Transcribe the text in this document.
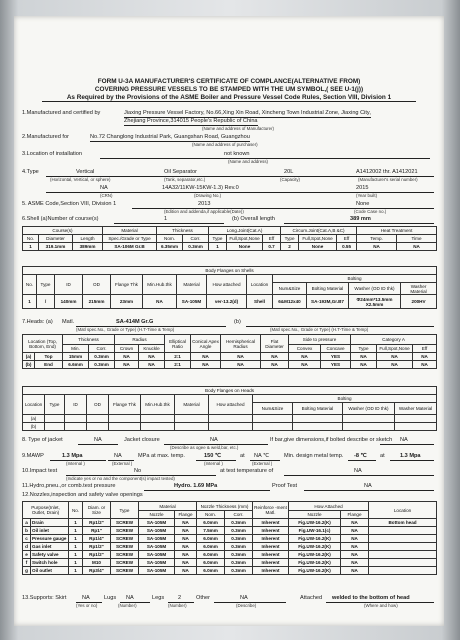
FORM U-3A MANUFACTURER'S CERTIFICATE OF COMPLANCE(ALTERNATIVE FROM)
COVERING PRESSURE VESSELS TO BE STAMPED WITH THE UM SYMBOL,( SEE U-1(j))
As Required by the Provisions of the ASME Boiler and Pressure Vessel Code Rules, Section VIII, Division 1
1.Manufactured and certified by	Jiaxing Pressure Vessel Factory, No.66,Xing Xin Road, Xincheng Town Industrial Zone, Jiaxing City,
Zhejiang Province,314015 People's Republic of China
(Name and address of Manufacturer)
2.Manufactured for	No.72 Changlong Industrial Park, Guangshan Road, Guangzhou
(Name and address of purchaser)
3.Location of installation	not known
(Name and address)
4.Type	Vertical	Oil Separator	20L	A1412002 thr. A1412021
(Horizontal, Vertical, or sphere)	(Tank, separator,etc.)	(Capacity)	(Manufacturer's serial number)
NA	14A32/11KW-15KW-1.3) Rev.0	2015
(CRN)	(Drawing No.)	(Year built)
5. ASME Code,Section VIII, Division 1	2013	None
(Edition and addenda,if applicable(Date))	(Code Case no.)
6.Shell (a)Number of course(s)	1	(b) Overall length	389 mm
Course(s)			Material	Thickness		Long.Joint(Cat.A)			Circum.Joint(Cat.A,B &C)			Heat Treatment	
No.	Diameter	Length	Spec./Grade or Type	Nom.	Corr.	Type	Full,Spot,None	Eff	Type	Full,Spot,None	Eff	Temp.	Time
1	319.1mm	389mm	SA-106M Gr.B	6.35mm	0.3mm	1	None	0.7	2	None	0.55	NA	NA
Body Flanges on Shells												
No.	Type	ID	OD	Flange Thk	Min.Hub.thk	Material	How attached	Location	Bolting			
									Num&Size	Bolting Material	Washer (OD ID thk)	Washer Material
1	/	140mm	215mm	23mm	NA	SA-105M	ver-13.2(d)	Shell	6&M12x40	SA-193M,Gr.B7	Φ24mm*13.5mm X2.5mm	200HV
7.Heads: (a) Matl.	SA-414M Gr.G	(b)
(Matl spec.No., Grade or Type) (H.T-Time & Temp)	(Matl spec.No., Grade or Type) (H.T-Time & Temp)
Location (Top, Bottom, End)		Thickness		Radius		Elliptical Ratio	Conical Apex Angle	Hemispherical Radius	Flat Diameter	Side to pressure		Category A		
		Min.	Corr.	Crown	Knuckle					Convex	Concave	Type	Full,Spot,None	Eff
(a)	Top	15mm	0.3mm	NA	NA	2:1	NA	NA	NA	NA	YES	NA	NA	NA
(b)	End	6.6mm	0.3mm	NA	NA	2:1	NA	NA	NA	NA	YES	NA	NA	NA
Body Flanges on Heads											
Location	Type	ID	OD	Flange Thk	Min.Hub.thk	Material	How attached	Bolting			
								Num&Size	Bolting Material	Washer (OD ID thk)	Washer Material
(a)											
(b)											
8. Type of jacket	NA	Jacket closure	NA	If bar,give dimensions,if bolted describe or sketch NA
(Describe as ogee & weld,bar, etc.)
9.MAWP	1.3 Mpa	NA	MPa at max. temp.	150 ℃	at NA ℃	Min. design metal temp. -8 ℃ at	1.3 Mpa
(Internal )	(External )	(Internal )	(External )
10.Impact test	No	at test temperature of	NA
(Indicate yes or no and the component(s) impact tested)
11.Hydro,pneu.,or comb.test pressure	Hydro. 1.69 MPa	Proof Test	NA
12.Nozzles,inspection and safety valve openings
Purpose(Inlet, Outlet, Drain)		No.	Diam. or Size	Type	Material		Nozzle Thickness (mm)		Reinforce -ment Matl.	How Attached		Location
					Nozzle	Flange	Nom.	Corr.		Nozzle	Flange	
a	Drain	1	Rp1/2"	SCREW	SA-105M	NA	6.0mm	0.3mm	Inherent	Fig.UW-16.2(K)	NA	Bottom head
b	Oil inlet	1	Rp1"	SCREW	SA-105M	NA	7.5mm	0.3mm	Inherent	Fig.UW-16.1(c)	NA	
c	Pressure gauge	1	Rp1/4"	SCREW	SA-105M	NA	6.0mm	0.3mm	Inherent	Fig.UW-16.2(K)	NA	
d	Gas inlet	1	Rp1/2"	SCREW	SA-105M	NA	6.0mm	0.3mm	Inherent	Fig.UW-16.2(K)	NA	
e	Safety valve	1	Rp1/2"	SCREW	SA-105M	NA	6.0mm	0.3mm	Inherent	Fig.UW-16.2(K)	NA	
f	Switch hole	1	M10	SCREW	SA-105M	NA	6.0mm	0.3mm	Inherent	Fig.UW-16.2(K)	NA	
g	Oil outlet	1	Rp3/4"	SCREW	SA-105M	NA	6.0mm	0.3mm	Inherent	Fig.UW-16.2(K)	NA	
13.Supports: Skirt	NA	Lugs NA	Legs 2	Other	NA	Attached welded to the bottom of head
(Yes or no)	(Number)	(Number)	(Describe)	(Where and how)
